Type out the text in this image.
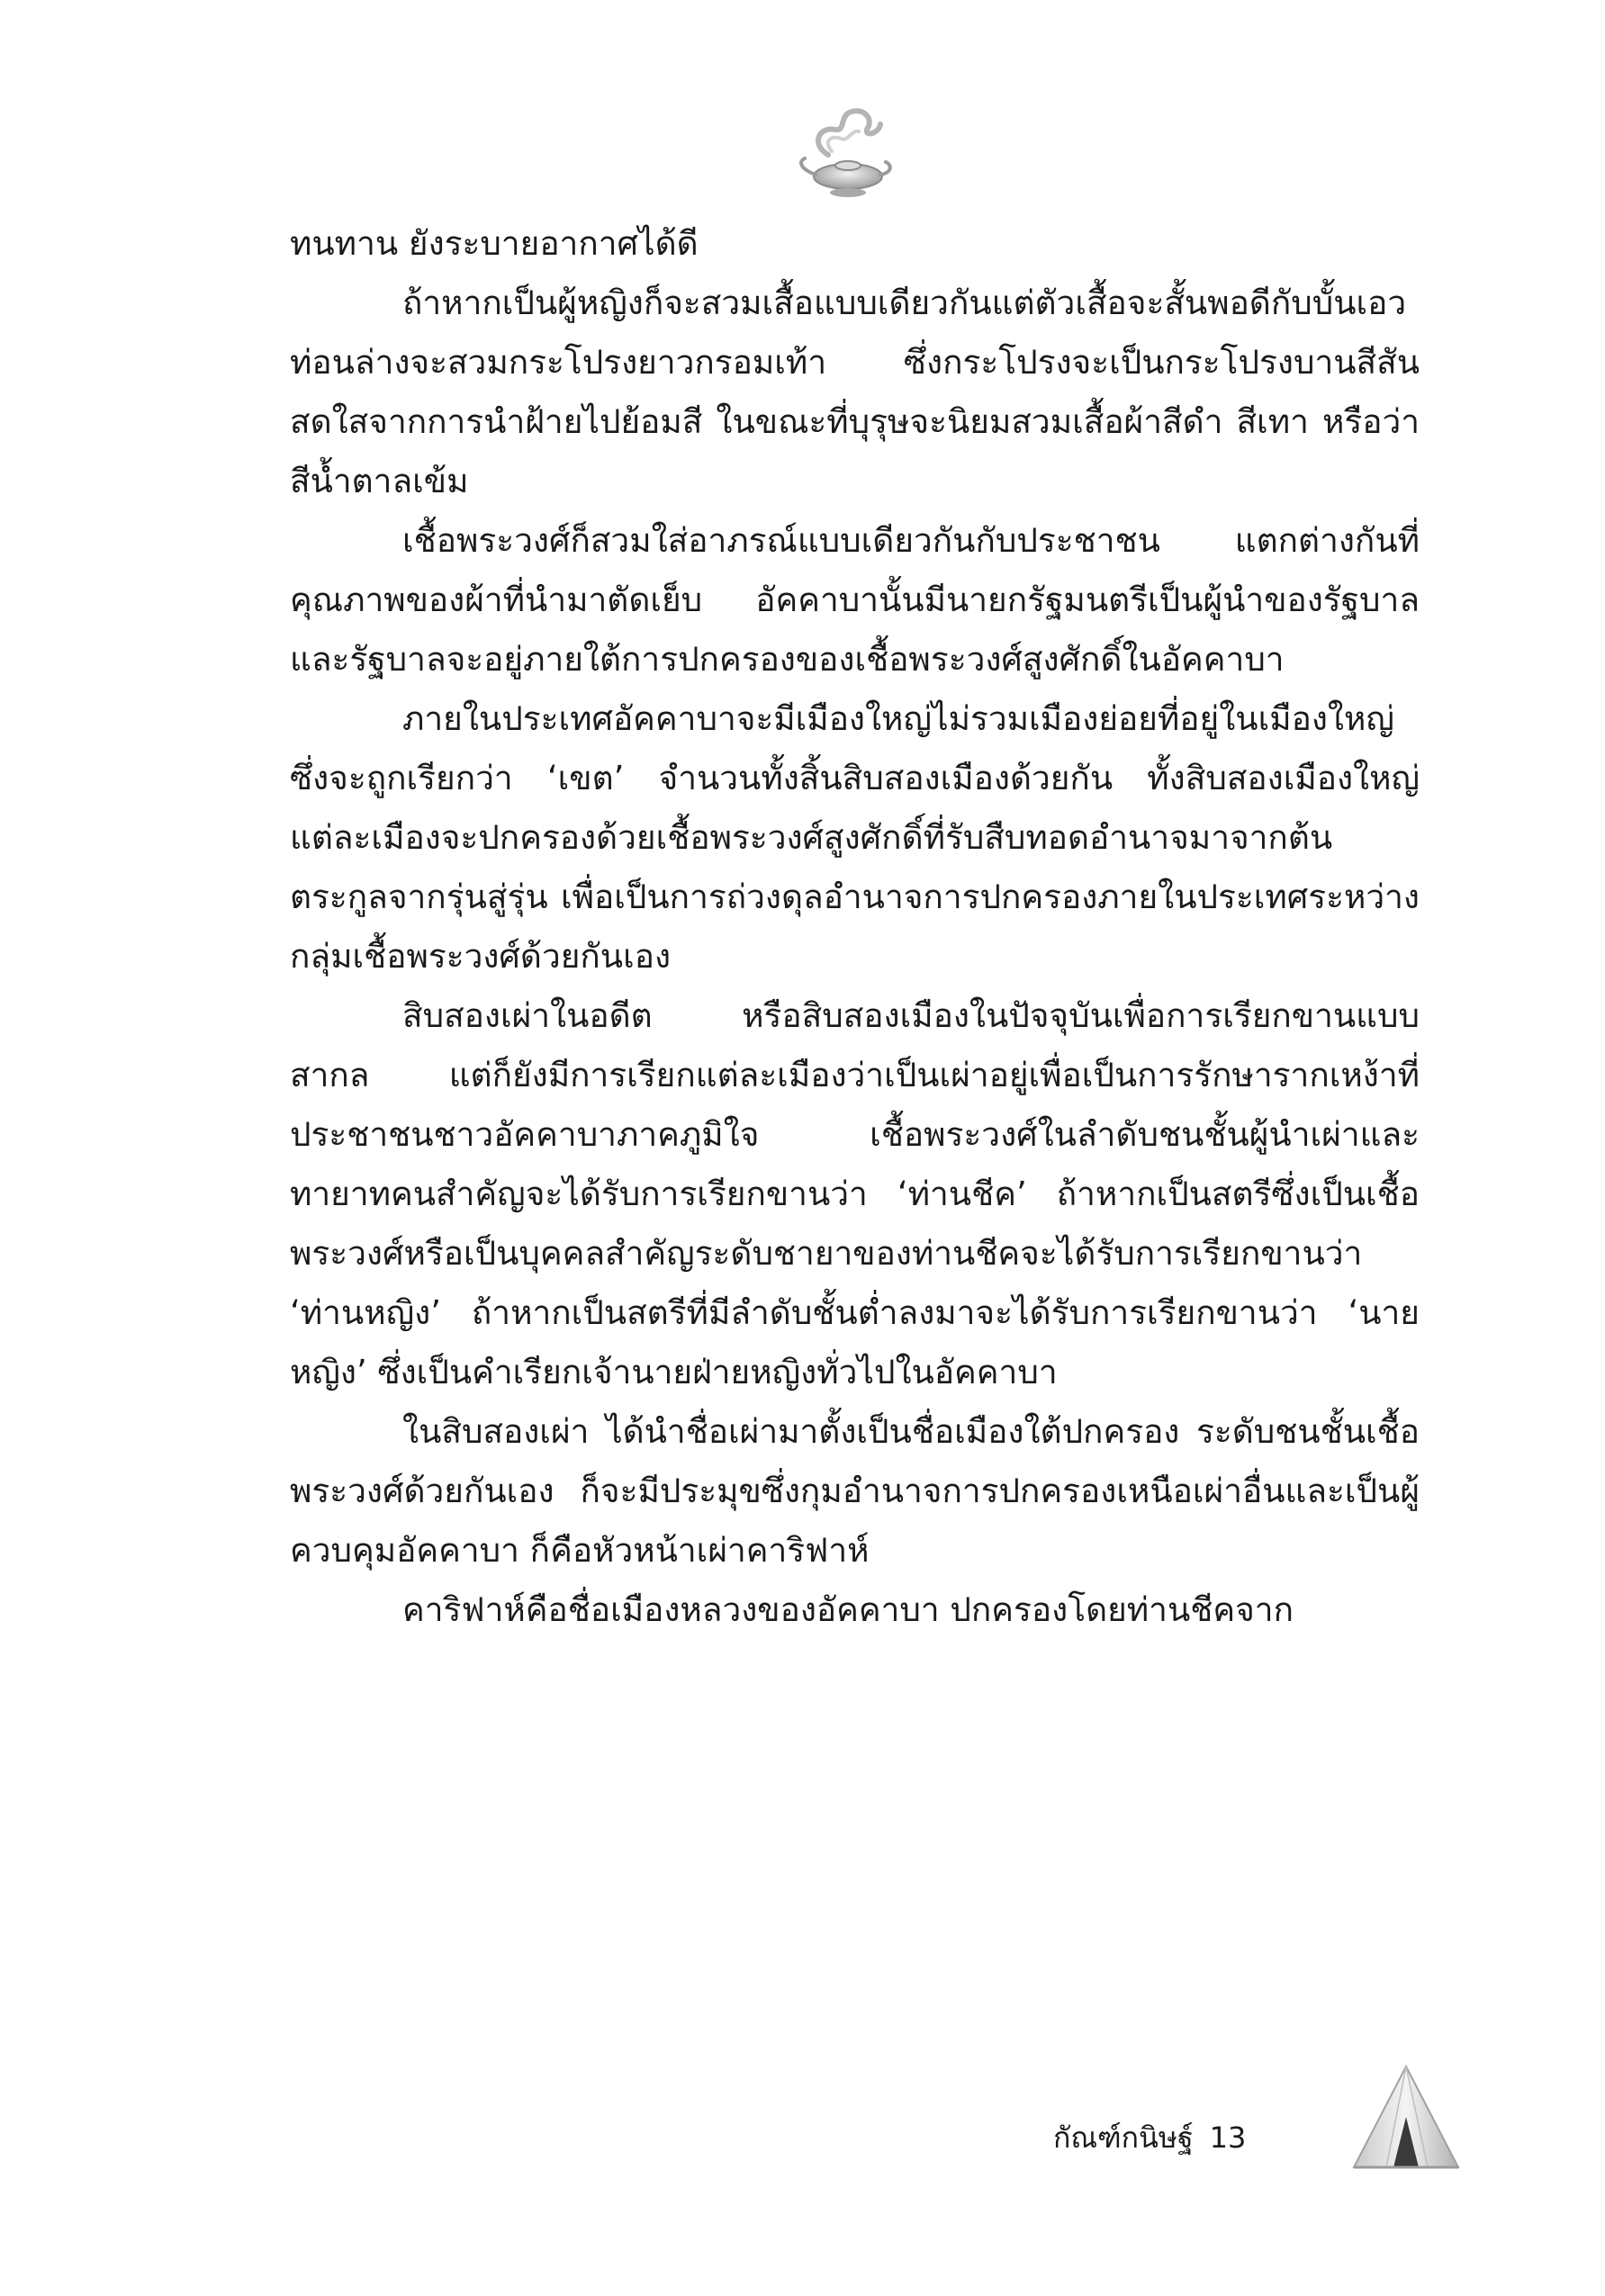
ทนทาน ยังระบายอากาศได้ดี

ถ้าหากเป็นผู้หญิงก็จะสวมเสื้อแบบเดียวกันแต่ตัวเสื้อจะสั้นพอดีกับบั้นเอว ท่อนล่างจะสวมกระโปรงยาวกรอมเท้า ซึ่งกระโปรงจะเป็นกระโปรงบานสีสันสดใสจากการนำฝ้ายไปย้อมสี ในขณะที่บุรุษจะนิยมสวมเสื้อผ้าสีดำ สีเทา หรือว่าสีน้ำตาลเข้ม

เชื้อพระวงศ์ก็สวมใส่อาภรณ์แบบเดียวกันกับประชาชน แตกต่างกันที่คุณภาพของผ้าที่นำมาตัดเย็บ อัคคาบานั้นมีนายกรัฐมนตรีเป็นผู้นำของรัฐบาล และรัฐบาลจะอยู่ภายใต้การปกครองของเชื้อพระวงศ์สูงศักดิ์ในอัคคาบา

ภายในประเทศอัคคาบาจะมีเมืองใหญ่ไม่รวมเมืองย่อยที่อยู่ในเมืองใหญ่ซึ่งจะถูกเรียกว่า ‘เขต’ จำนวนทั้งสิ้นสิบสองเมืองด้วยกัน ทั้งสิบสองเมืองใหญ่ แต่ละเมืองจะปกครองด้วยเชื้อพระวงศ์สูงศักดิ์ที่รับสืบทอดอำนาจมาจากต้นตระกูลจากรุ่นสู่รุ่น เพื่อเป็นการถ่วงดุลอำนาจการปกครองภายในประเทศระหว่างกลุ่มเชื้อพระวงศ์ด้วยกันเอง

สิบสองเผ่าในอดีต หรือสิบสองเมืองในปัจจุบันเพื่อการเรียกขานแบบสากล แต่ก็ยังมีการเรียกแต่ละเมืองว่าเป็นเผ่าอยู่เพื่อเป็นการรักษารากเหง้าที่ประชาชนชาวอัคคาบาภาคภูมิใจ เชื้อพระวงศ์ในลำดับชนชั้นผู้นำเผ่าและทายาทคนสำคัญจะได้รับการเรียกขานว่า ‘ท่านชีค’ ถ้าหากเป็นสตรีซึ่งเป็นเชื้อพระวงศ์หรือเป็นบุคคลสำคัญระดับชายาของท่านชีคจะได้รับการเรียกขานว่า ‘ท่านหญิง’ ถ้าหากเป็นสตรีที่มีลำดับชั้นต่ำลงมาจะได้รับการเรียกขานว่า ‘นายหญิง’ ซึ่งเป็นคำเรียกเจ้านายฝ่ายหญิงทั่วไปในอัคคาบา

ในสิบสองเผ่า ได้นำชื่อเผ่ามาตั้งเป็นชื่อเมืองใต้ปกครอง ระดับชนชั้นเชื้อพระวงศ์ด้วยกันเอง ก็จะมีประมุขซึ่งกุมอำนาจการปกครองเหนือเผ่าอื่นและเป็นผู้ควบคุมอัคคาบา ก็คือหัวหน้าเผ่าคาริฟาห์

คาริฟาห์คือชื่อเมืองหลวงของอัคคาบา ปกครองโดยท่านชีคจาก

กัณฑ์กนิษฐ์ 13
